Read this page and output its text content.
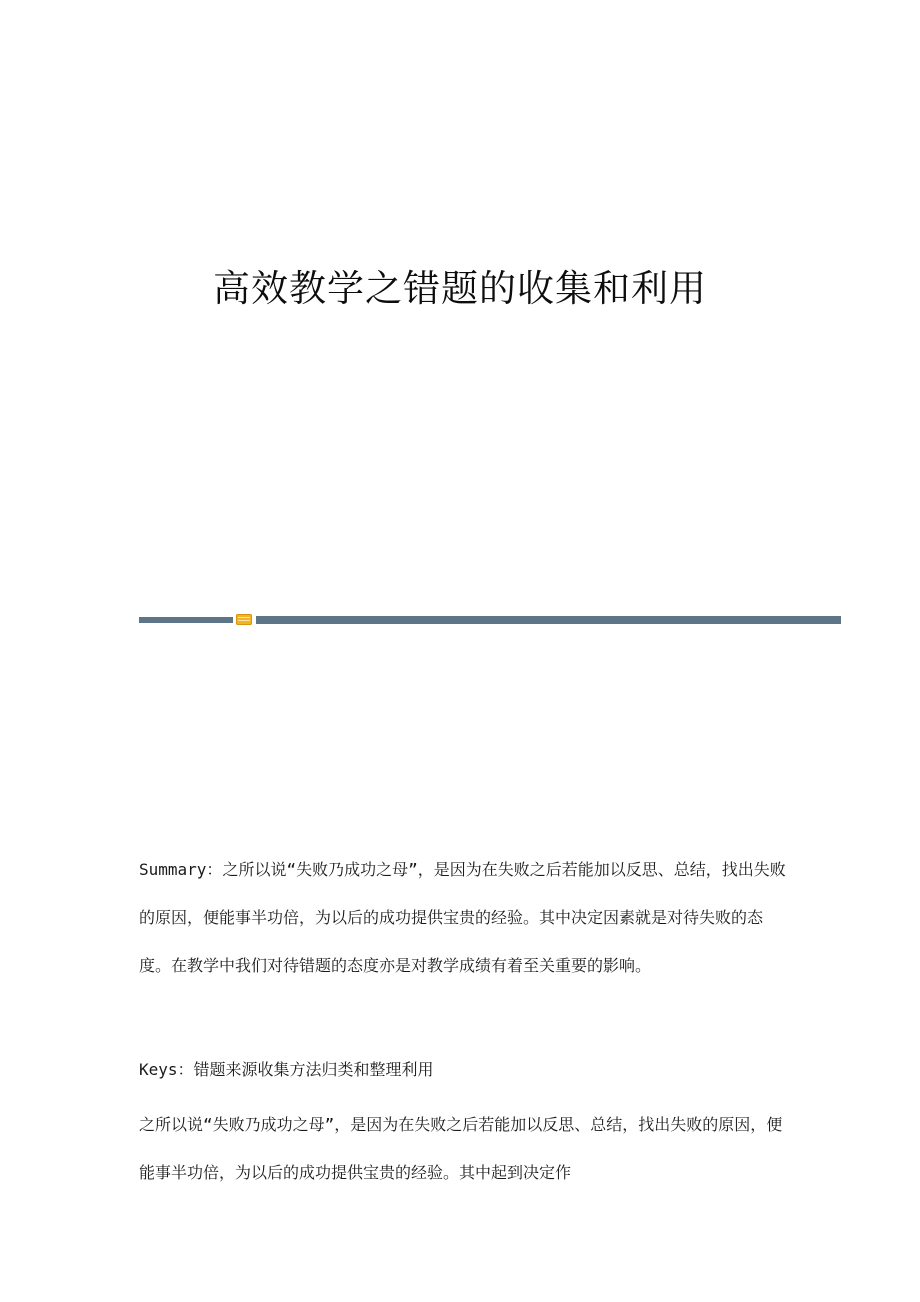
高效教学之错题的收集和利用

Summary：之所以说“失败乃成功之母”，是因为在失败之后若能加以反思、总结，找出失败的原因，便能事半功倍，为以后的成功提供宝贵的经验。其中决定因素就是对待失败的态度。在教学中我们对待错题的态度亦是对教学成绩有着至关重要的影响。

Keys：错题来源收集方法归类和整理利用

之所以说“失败乃成功之母”，是因为在失败之后若能加以反思、总结，找出失败的原因，便能事半功倍，为以后的成功提供宝贵的经验。其中起到决定作
